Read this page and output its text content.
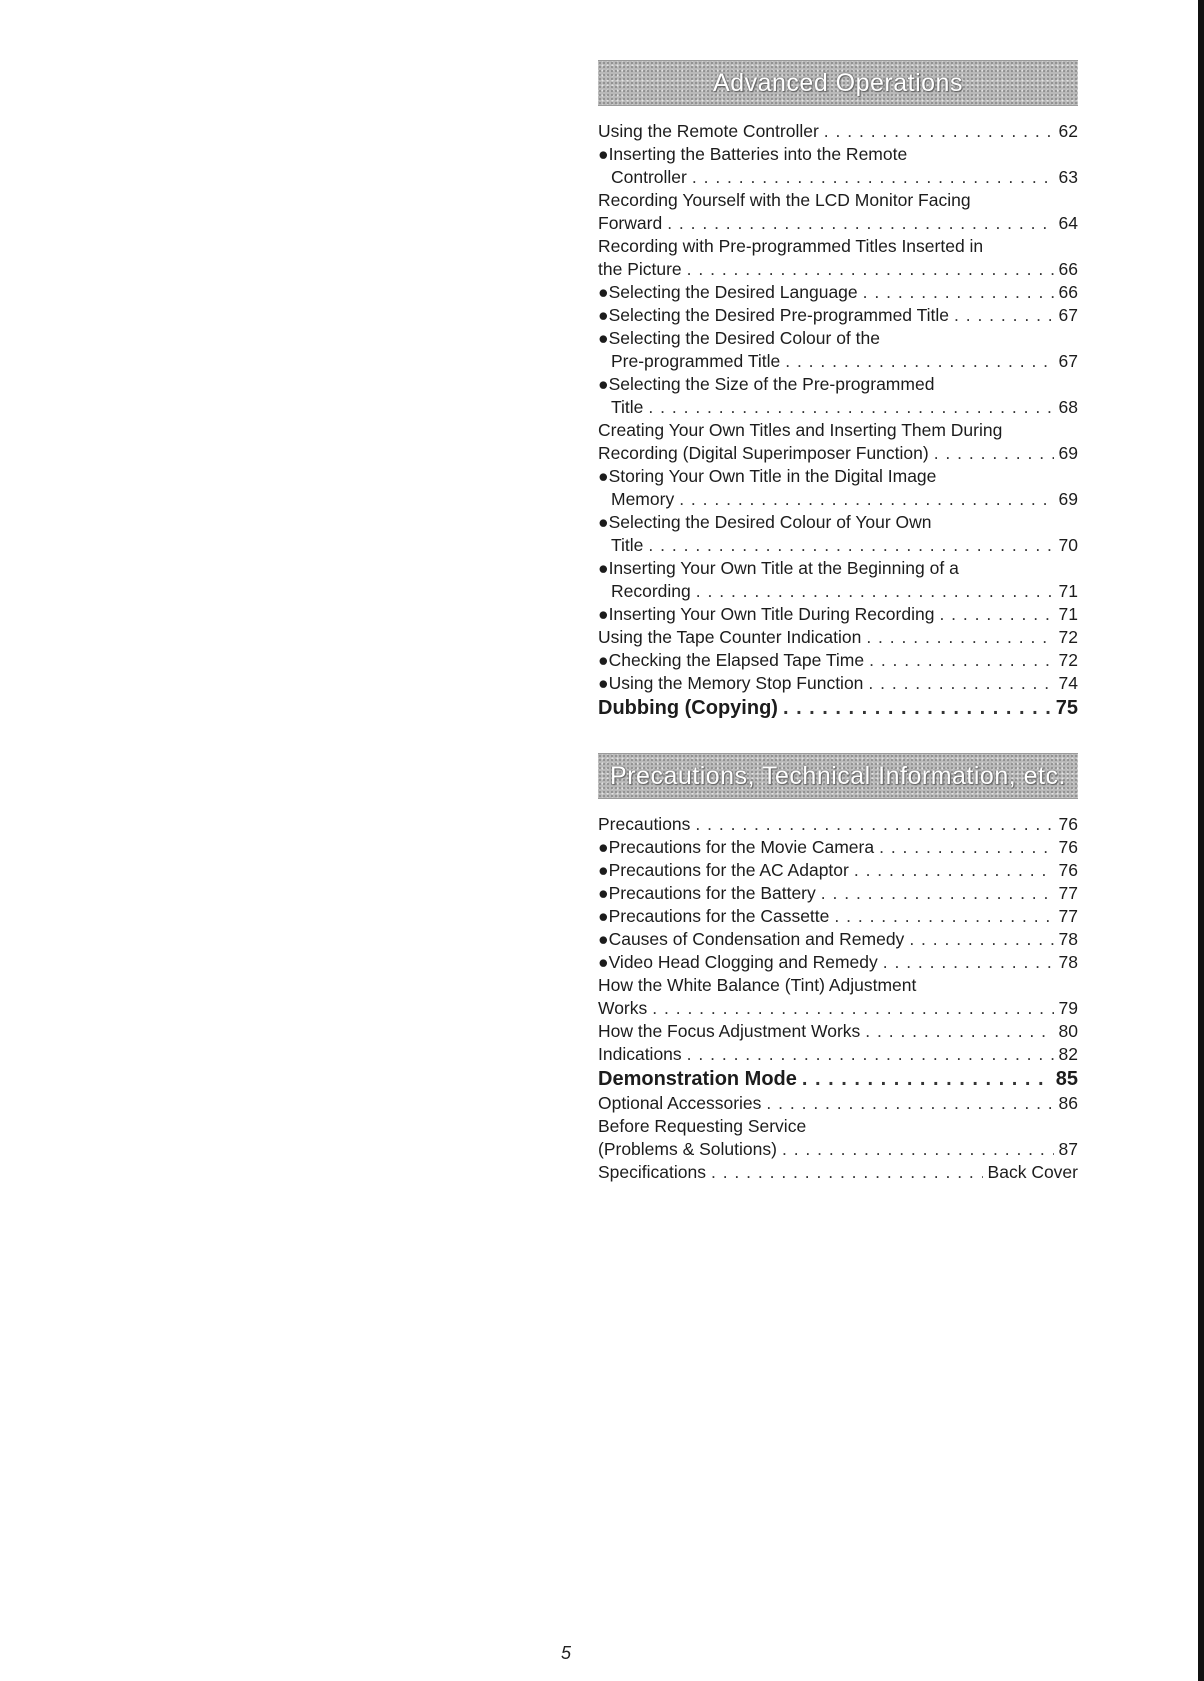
Advanced Operations
Using the Remote Controller . . .	62
●Inserting the Batteries into the Remote
Controller . . .	63
Recording Yourself with the LCD Monitor Facing
Forward . . .	64
Recording with Pre-programmed Titles Inserted in
the Picture . . .	66
●Selecting the Desired Language . . .	66
●Selecting the Desired Pre-programmed Title . . .	67
●Selecting the Desired Colour of the
Pre-programmed Title . . .	67
●Selecting the Size of the Pre-programmed
Title . . .	68
Creating Your Own Titles and Inserting Them During
Recording (Digital Superimposer Function) . . .	69
●Storing Your Own Title in the Digital Image
Memory . . .	69
●Selecting the Desired Colour of Your Own
Title . . .	70
●Inserting Your Own Title at the Beginning of a
Recording . . .	71
●Inserting Your Own Title During Recording . . .	71
Using the Tape Counter Indication . . .	72
●Checking the Elapsed Tape Time . . .	72
●Using the Memory Stop Function . . .	74
Dubbing (Copying) . . .	75
Precautions, Technical Information, etc.
Precautions . . .	76
●Precautions for the Movie Camera . . .	76
●Precautions for the AC Adaptor . . .	76
●Precautions for the Battery . . .	77
●Precautions for the Cassette . . .	77
●Causes of Condensation and Remedy . . .	78
●Video Head Clogging and Remedy . . .	78
How the White Balance (Tint) Adjustment
Works . . .	79
How the Focus Adjustment Works . . .	80
Indications . . .	82
Demonstration Mode . . .	85
Optional Accessories . . .	86
Before Requesting Service
(Problems & Solutions) . . .	87
Specifications . . .	Back Cover
5
